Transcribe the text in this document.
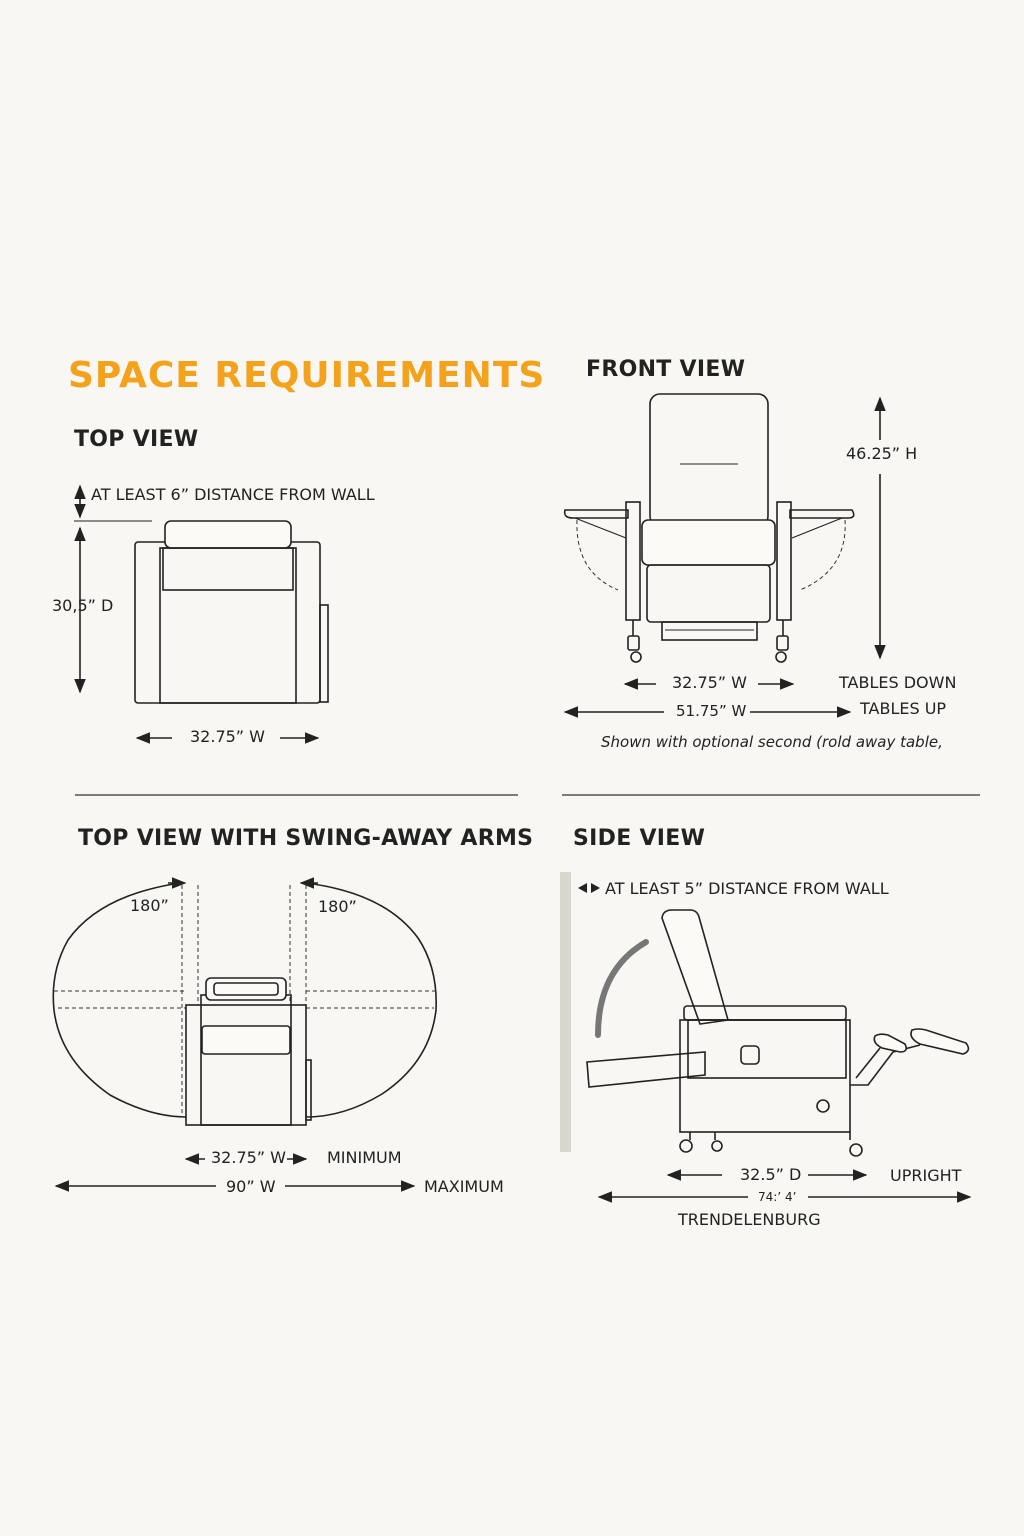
SPACE REQUIREMENTS
TOP VIEW
AT LEAST 6” DISTANCE FROM WALL
30,5” D
32.75” W
FRONT VIEW
46.25” H
32.75” W	TABLES DOWN
51.75” W	TABLES UP
Shown with optional second (rold away table,
TOP VIEW WITH SWING-AWAY ARMS
180”	180”
32.75” W	MINIMUM
90” W	MAXIMUM
SIDE VIEW
AT LEAST 5” DISTANCE FROM WALL
32.5” D	UPRIGHT
74:’ 4’
TRENDELENBURG
